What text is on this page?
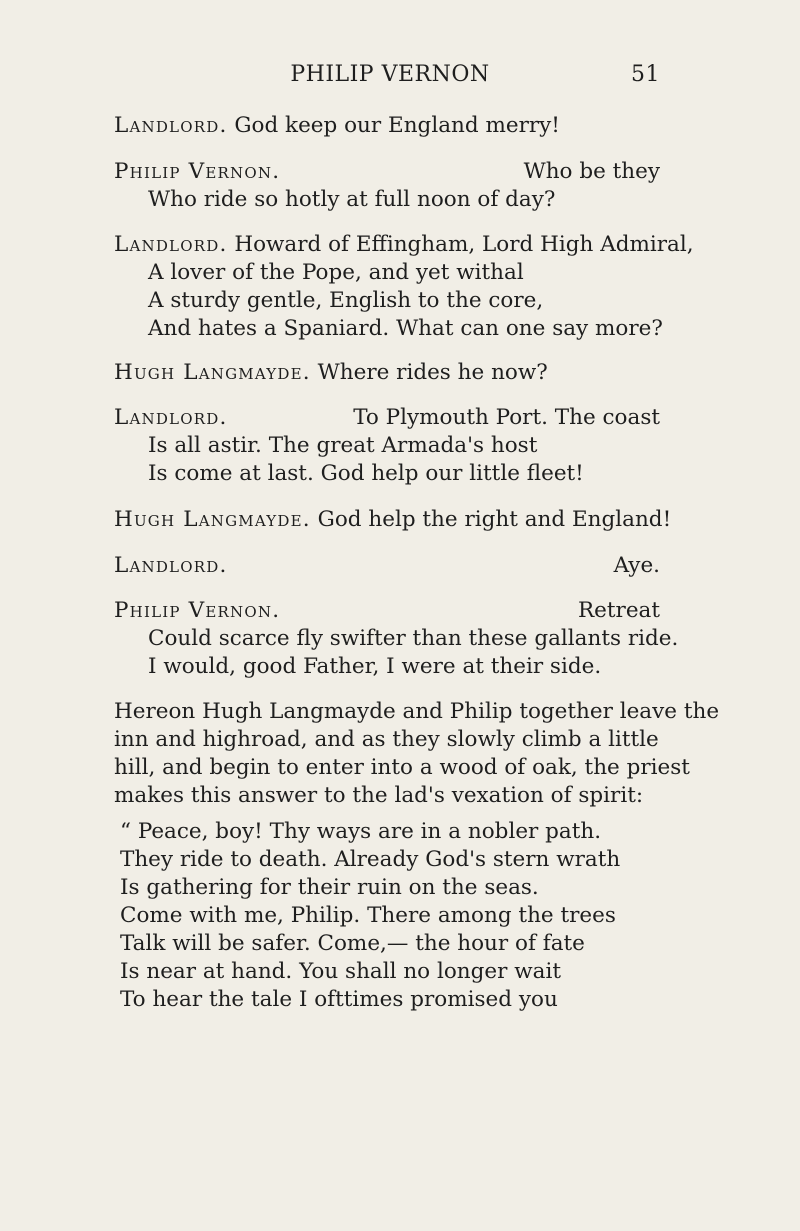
PHILIP VERNON	51
Landlord. God keep our England merry!
Philip Vernon.	Who be they
Who ride so hotly at full noon of day?
Landlord. Howard of Effingham, Lord High Admiral,
A lover of the Pope, and yet withal
A sturdy gentle, English to the core,
And hates a Spaniard. What can one say more?
Hugh Langmayde. Where rides he now?
Landlord.	To Plymouth Port. The coast
Is all astir. The great Armada's host
Is come at last. God help our little fleet!
Hugh Langmayde. God help the right and England!
Landlord.	Aye.
Philip Vernon.	Retreat
Could scarce fly swifter than these gallants ride.
I would, good Father, I were at their side.
Hereon Hugh Langmayde and Philip together leave the
inn and highroad, and as they slowly climb a little
hill, and begin to enter into a wood of oak, the priest
makes this answer to the lad's vexation of spirit:
“ Peace, boy! Thy ways are in a nobler path.
They ride to death. Already God's stern wrath
Is gathering for their ruin on the seas.
Come with me, Philip. There among the trees
Talk will be safer. Come,— the hour of fate
Is near at hand. You shall no longer wait
To hear the tale I ofttimes promised you
